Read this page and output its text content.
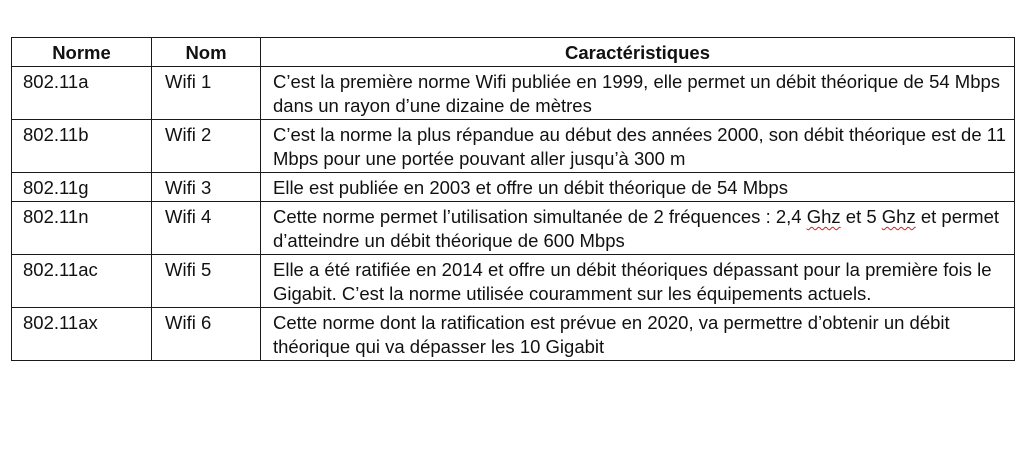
Norme	Nom	Caractéristiques
802.11a	Wifi 1	C’est la première norme Wifi publiée en 1999, elle permet un débit théorique de 54 Mbps dans un rayon d’une dizaine de mètres
802.11b	Wifi 2	C’est la norme la plus répandue au début des années 2000, son débit théorique est de 11 Mbps pour une portée pouvant aller jusqu’à 300 m
802.11g	Wifi 3	Elle est publiée en 2003 et offre un débit théorique de 54 Mbps
802.11n	Wifi 4	Cette norme permet l’utilisation simultanée de 2 fréquences : 2,4 Ghz et 5 Ghz et permet d’atteindre un débit théorique de 600 Mbps
802.11ac	Wifi 5	Elle a été ratifiée en 2014 et offre un débit théoriques dépassant pour la première fois le Gigabit. C’est la norme utilisée couramment sur les équipements actuels.
802.11ax	Wifi 6	Cette norme dont la ratification est prévue en 2020, va permettre d’obtenir un débit théorique qui va dépasser les 10 Gigabit
